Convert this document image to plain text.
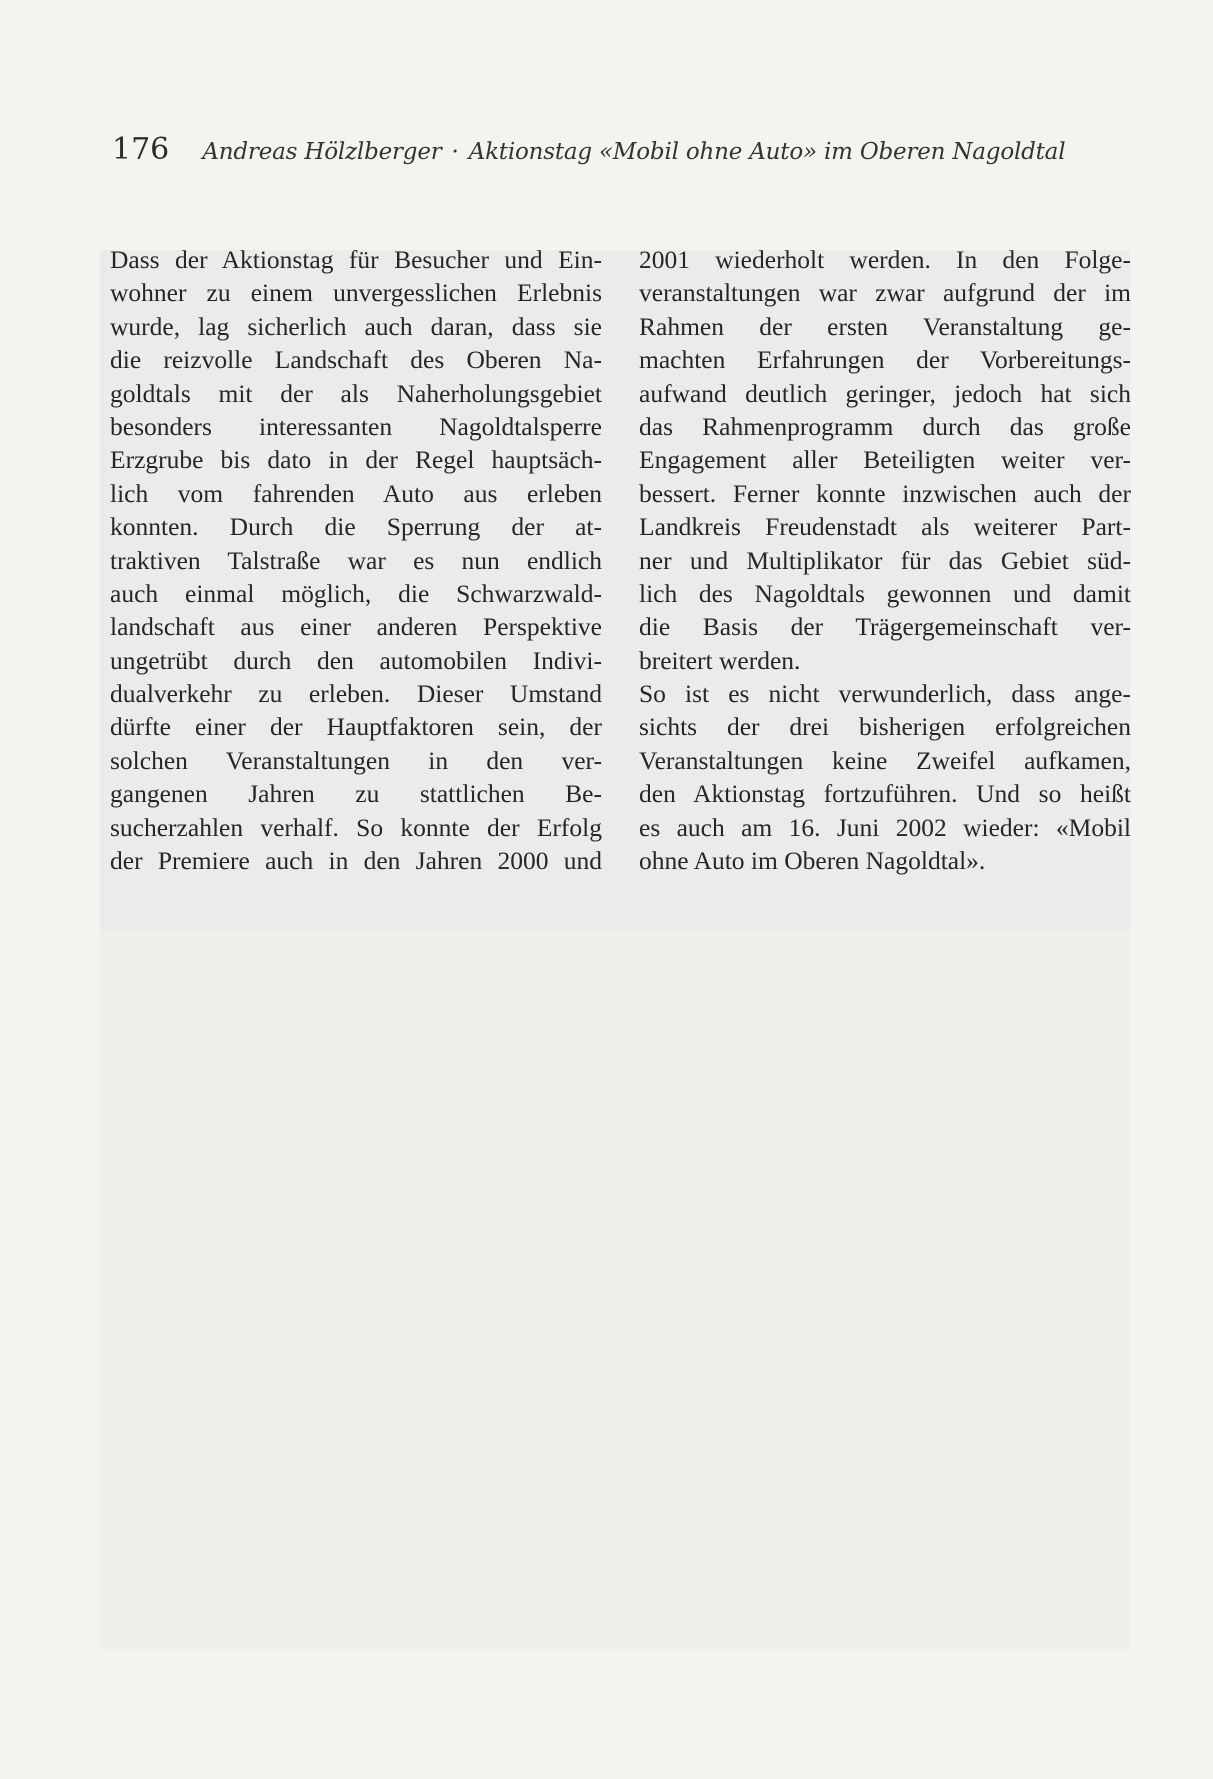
176 Andreas Hölzlberger · Aktionstag «Mobil ohne Auto» im Oberen Nagoldtal

Dass der Aktionstag für Besucher und Ein-
wohner zu einem unvergesslichen Erlebnis
wurde, lag sicherlich auch daran, dass sie
die reizvolle Landschaft des Oberen Na-
goldtals mit der als Naherholungsgebiet
besonders interessanten Nagoldtalsperre
Erzgrube bis dato in der Regel hauptsäch-
lich vom fahrenden Auto aus erleben
konnten. Durch die Sperrung der at-
traktiven Talstraße war es nun endlich
auch einmal möglich, die Schwarzwald-
landschaft aus einer anderen Perspektive
ungetrübt durch den automobilen Indivi-
dualverkehr zu erleben. Dieser Umstand
dürfte einer der Hauptfaktoren sein, der
solchen Veranstaltungen in den ver-
gangenen Jahren zu stattlichen Be-
sucherzahlen verhalf. So konnte der Erfolg
der Premiere auch in den Jahren 2000 und

2001 wiederholt werden. In den Folge-
veranstaltungen war zwar aufgrund der im
Rahmen der ersten Veranstaltung ge-
machten Erfahrungen der Vorbereitungs-
aufwand deutlich geringer, jedoch hat sich
das Rahmenprogramm durch das große
Engagement aller Beteiligten weiter ver-
bessert. Ferner konnte inzwischen auch der
Landkreis Freudenstadt als weiterer Part-
ner und Multiplikator für das Gebiet süd-
lich des Nagoldtals gewonnen und damit
die Basis der Trägergemeinschaft ver-
breitert werden.

So ist es nicht verwunderlich, dass ange-
sichts der drei bisherigen erfolgreichen
Veranstaltungen keine Zweifel aufkamen,
den Aktionstag fortzuführen. Und so heißt
es auch am 16. Juni 2002 wieder: «Mobil
ohne Auto im Oberen Nagoldtal».
